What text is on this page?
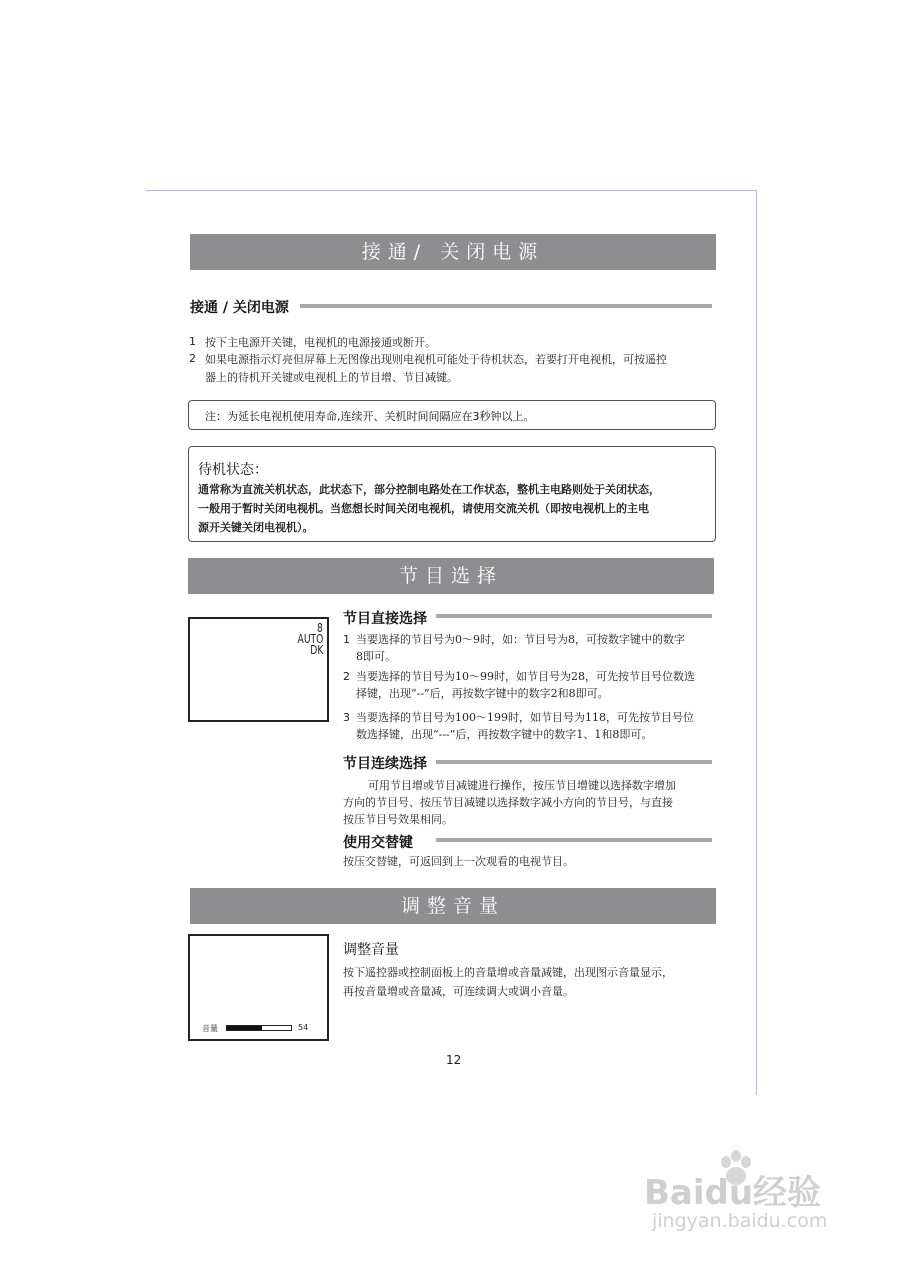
接通/ 关闭电源
接通 / 关闭电源
1 按下主电源开关键，电视机的电源接通或断开。
2 如果电源指示灯亮但屏幕上无图像出现则电视机可能处于待机状态，若要打开电视机，可按遥控
器上的待机开关键或电视机上的节目增、节目减键。
注：为延长电视机使用寿命,连续开、关机时间间隔应在3秒钟以上。
待机状态：
通常称为直流关机状态，此状态下，部分控制电路处在工作状态，整机主电路则处于关闭状态，
一般用于暂时关闭电视机。当您想长时间关闭电视机，请使用交流关机（即按电视机上的主电
源开关键关闭电视机）。
节目选择
8
AUTO
DK
节目直接选择
1 当要选择的节目号为0～9时，如：节目号为8，可按数字键中的数字
8即可。
2 当要选择的节目号为10～99时，如节目号为28，可先按节目号位数选
择键，出现“--”后，再按数字键中的数字2和8即可。
3 当要选择的节目号为100～199时，如节目号为118，可先按节目号位
数选择键，出现“---”后，再按数字键中的数字1、1和8即可。
节目连续选择
可用节目增或节目减键进行操作，按压节目增键以选择数字增加
方向的节目号、按压节目减键以选择数字减小方向的节目号，与直接
按压节目号效果相同。
使用交替键
按压交替键，可返回到上一次观看的电视节目。
调整音量
音量	54
调整音量
按下遥控器或控制面板上的音量增或音量减键，出现图示音量显示，
再按音量增或音量减，可连续调大或调小音量。
12
Baidu经验
jingyan.baidu.com
